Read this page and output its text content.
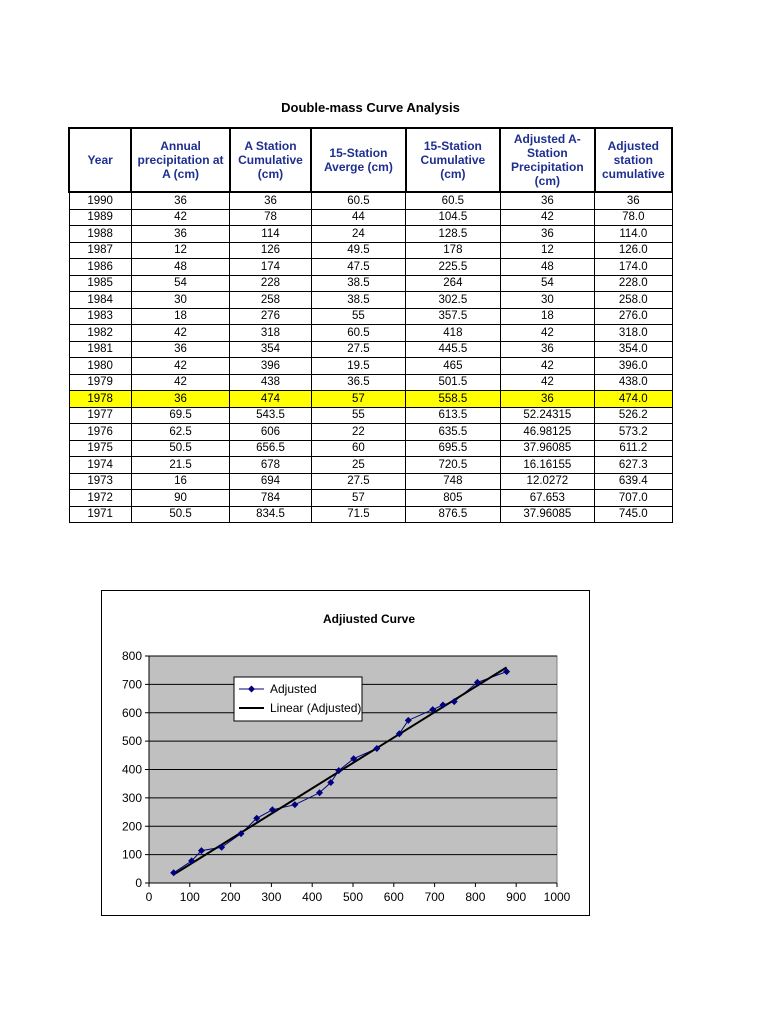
Double-mass Curve Analysis
Year	Annual precipitation at A (cm)	A Station Cumulative (cm)	15-Station Averge (cm)	15-Station Cumulative (cm)	Adjusted A-Station Precipitation (cm)	Adjusted station cumulative
1990	36	36	60.5	60.5	36	36
1989	42	78	44	104.5	42	78.0
1988	36	114	24	128.5	36	114.0
1987	12	126	49.5	178	12	126.0
1986	48	174	47.5	225.5	48	174.0
1985	54	228	38.5	264	54	228.0
1984	30	258	38.5	302.5	30	258.0
1983	18	276	55	357.5	18	276.0
1982	42	318	60.5	418	42	318.0
1981	36	354	27.5	445.5	36	354.0
1980	42	396	19.5	465	42	396.0
1979	42	438	36.5	501.5	42	438.0
1978	36	474	57	558.5	36	474.0
1977	69.5	543.5	55	613.5	52.24315	526.2
1976	62.5	606	22	635.5	46.98125	573.2
1975	50.5	656.5	60	695.5	37.96085	611.2
1974	21.5	678	25	720.5	16.16155	627.3
1973	16	694	27.5	748	12.0272	639.4
1972	90	784	57	805	67.653	707.0
1971	50.5	834.5	71.5	876.5	37.96085	745.0
Adjiusted Curve
0
100
200
300
400
500
600
700
800
0 100 200 300 400 500 600 700 800 900 1000
Adjusted
Linear (Adjusted)
